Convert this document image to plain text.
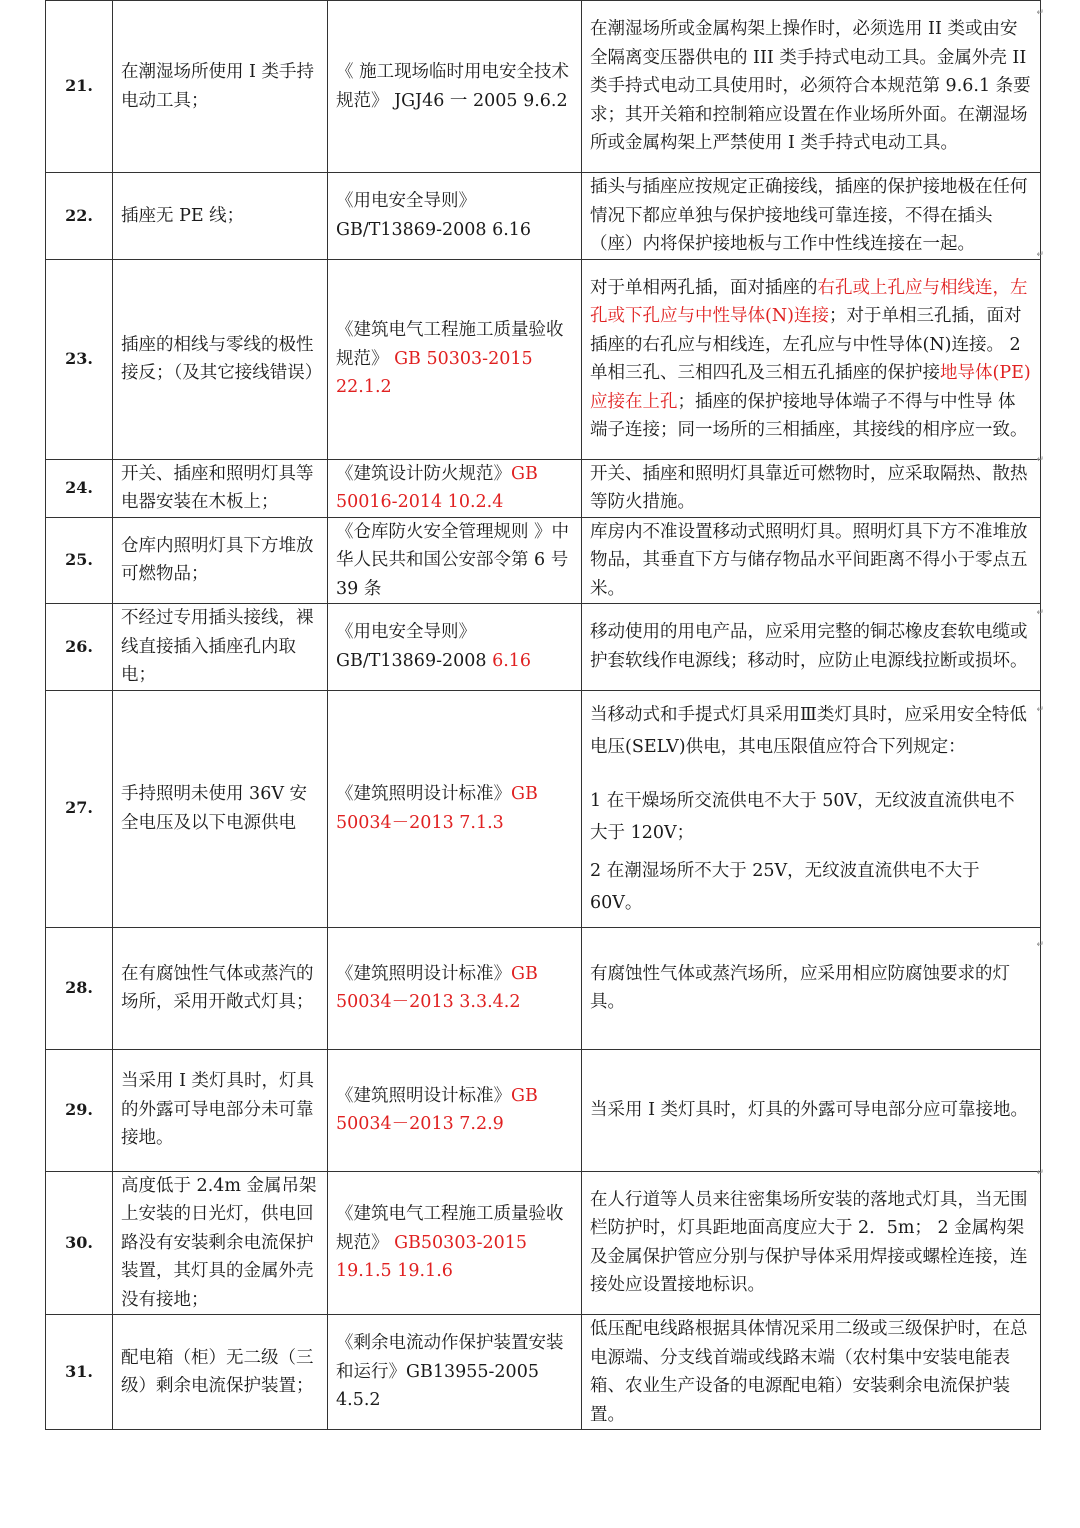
21.	在潮湿场所使用 I 类手持电动工具；	《 施工现场临时用电安全技术规范》 JGJ46 一 2005 9.6.2	在潮湿场所或金属构架上操作时，必须选用 II 类或由安全隔离变压器供电的 III 类手持式电动工具。金属外壳 II 类手持式电动工具使用时，必须符合本规范第 9.6.1 条要求；其开关箱和控制箱应设置在作业场所外面。在潮湿场所或金属构架上严禁使用 I 类手持式电动工具。

22.	插座无 PE 线；	《用电安全导则》GB/T13869-2008 6.16	插头与插座应按规定正确接线，插座的保护接地极在任何情况下都应单独与保护接地线可靠连接，不得在插头（座）内将保护接地板与工作中性线连接在一起。

23.	插座的相线与零线的极性接反；（及其它接线错误）	《建筑电气工程施工质量验收规范》 GB 50303-2015 22.1.2	对于单相两孔插，面对插座的右孔或上孔应与相线连，左孔或下孔应与中性导体(N)连接；对于单相三孔插，面对插座的右孔应与相线连，左孔应与中性导体(N)连接。 2 单相三孔、三相四孔及三相五孔插座的保护接地导体(PE)应接在上孔；插座的保护接地导体端子不得与中性导 体端子连接；同一场所的三相插座，其接线的相序应一致。

24.	开关、插座和照明灯具等电器安装在木板上；	《建筑设计防火规范》GB 50016-2014 10.2.4	开关、插座和照明灯具靠近可燃物时，应采取隔热、散热等防火措施。

25.	仓库内照明灯具下方堆放可燃物品；	《仓库防火安全管理规则 》中华人民共和国公安部令第 6 号 39 条	库房内不准设置移动式照明灯具。照明灯具下方不准堆放物品，其垂直下方与储存物品水平间距离不得小于零点五米。

26.	不经过专用插头接线，裸线直接插入插座孔内取电；	《用电安全导则》GB/T13869-2008 6.16	移动使用的用电产品，应采用完整的铜芯橡皮套软电缆或护套软线作电源线；移动时，应防止电源线拉断或损坏。

27.	手持照明未使用 36V 安全电压及以下电源供电	《建筑照明设计标准》GB 50034－2013 7.1.3	当移动式和手提式灯具采用Ⅲ类灯具时，应采用安全特低电压(SELV)供电，其电压限值应符合下列规定：
1 在干燥场所交流供电不大于 50V，无纹波直流供电不大于 120V；
2 在潮湿场所不大于 25V，无纹波直流供电不大于 60V。

28.	在有腐蚀性气体或蒸汽的场所，采用开敞式灯具；	《建筑照明设计标准》GB 50034－2013 3.3.4.2	有腐蚀性气体或蒸汽场所，应采用相应防腐蚀要求的灯具。

29.	当采用 I 类灯具时，灯具的外露可导电部分未可靠接地。	《建筑照明设计标准》GB 50034－2013 7.2.9	当采用 I 类灯具时，灯具的外露可导电部分应可靠接地。

30.	高度低于 2.4m 金属吊架上安装的日光灯，供电回路没有安装剩余电流保护装置，其灯具的金属外壳没有接地；	《建筑电气工程施工质量验收规范》 GB50303-2015 19.1.5 19.1.6	在人行道等人员来往密集场所安装的落地式灯具，当无围栏防护时，灯具距地面高度应大于 2．5m； 2 金属构架及金属保护管应分别与保护导体采用焊接或螺栓连接，连接处应设置接地标识。

31.	配电箱（柜）无二级（三级）剩余电流保护装置；	《剩余电流动作保护装置安装和运行》GB13955-2005 4.5.2	低压配电线路根据具体情况采用二级或三级保护时，在总电源端、分支线首端或线路末端（农村集中安装电能表箱、农业生产设备的电源配电箱）安装剩余电流保护装置。
↵
↵
↵
↵
↵
↵
↵
